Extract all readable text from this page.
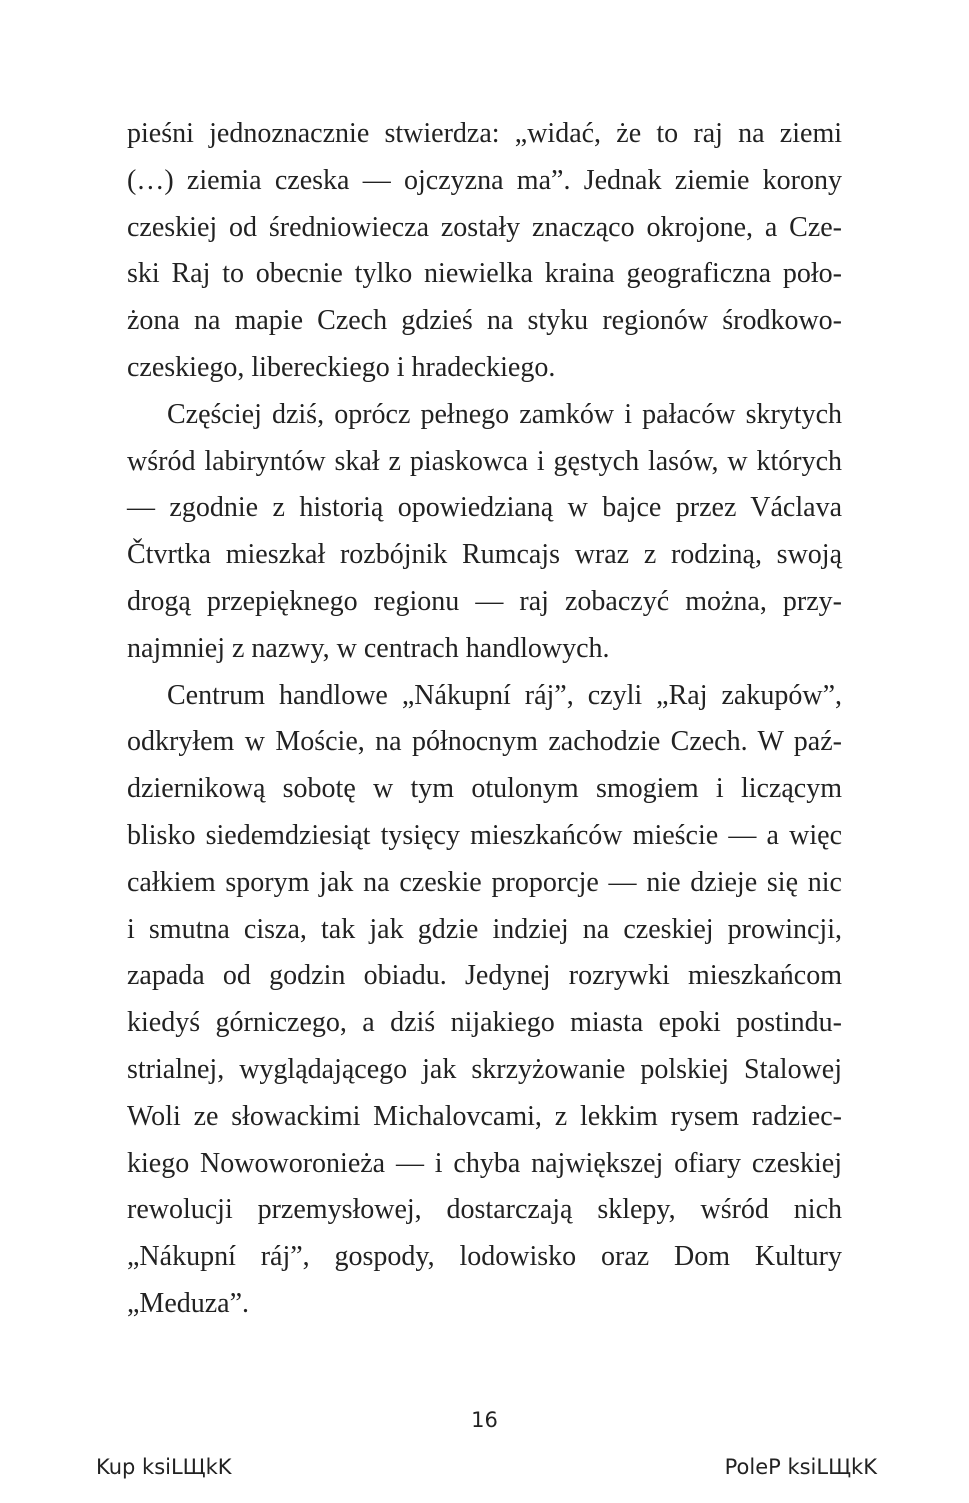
pieśni jednoznacznie stwierdza: „widać, że to raj na ziemi
(…) ziemia czeska — ojczyzna ma”. Jednak ziemie korony
czeskiej od średniowiecza zostały znacząco okrojone, a Cze-
ski Raj to obecnie tylko niewielka kraina geograficzna poło-
żona na mapie Czech gdzieś na styku regionów środkowo-
czeskiego, libereckiego i hradeckiego.
Częściej dziś, oprócz pełnego zamków i pałaców skrytych
wśród labiryntów skał z piaskowca i gęstych lasów, w których
— zgodnie z historią opowiedzianą w bajce przez Václava
Čtvrtka mieszkał rozbójnik Rumcajs wraz z rodziną, swoją
drogą przepięknego regionu — raj zobaczyć można, przy-
najmniej z nazwy, w centrach handlowych.
Centrum handlowe „Nákupní ráj”, czyli „Raj zakupów”,
odkryłem w Moście, na północnym zachodzie Czech. W paź-
dziernikową sobotę w tym otulonym smogiem i liczącym
blisko siedemdziesiąt tysięcy mieszkańców mieście — a więc
całkiem sporym jak na czeskie proporcje — nie dzieje się nic
i smutna cisza, tak jak gdzie indziej na czeskiej prowincji,
zapada od godzin obiadu. Jedynej rozrywki mieszkańcom
kiedyś górniczego, a dziś nijakiego miasta epoki postindu-
strialnej, wyglądającego jak skrzyżowanie polskiej Stalowej
Woli ze słowackimi Michalovcami, z lekkim rysem radziec-
kiego Nowoworonieża — i chyba największej ofiary czeskiej
rewolucji przemysłowej, dostarczają sklepy, wśród nich
„Nákupní ráj”, gospody, lodowisko oraz Dom Kultury
„Meduza”.
16
Kup ksiLЩkK	PoleP ksiLЩkK
